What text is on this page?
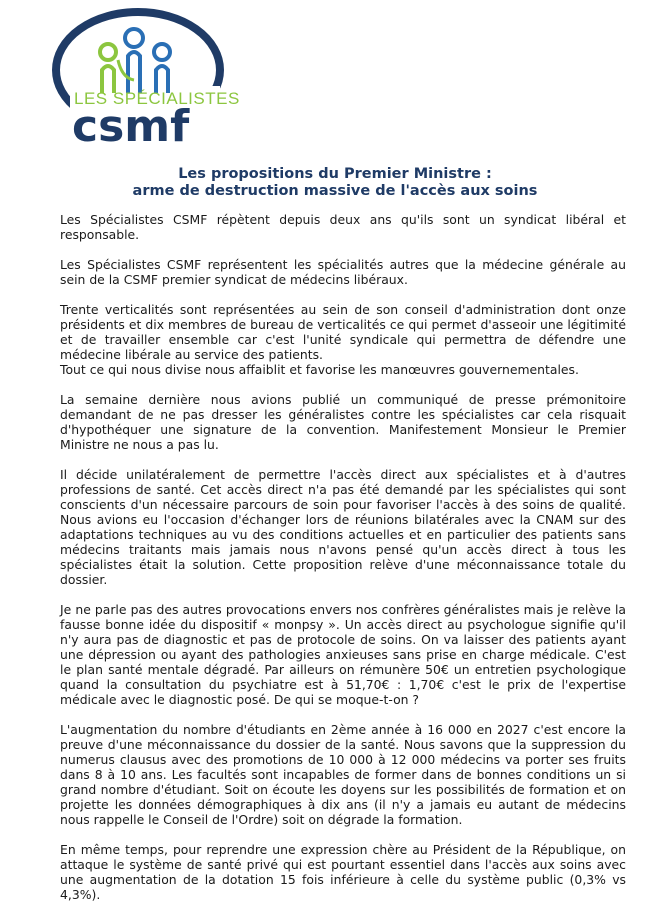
LES SPÉCIALISTES
csmf
Les propositions du Premier Ministre :
arme de destruction massive de l'accès aux soins

Les Spécialistes CSMF répètent depuis deux ans qu'ils sont un syndicat libéral et responsable.

Les Spécialistes CSMF représentent les spécialités autres que la médecine générale au sein de la CSMF premier syndicat de médecins libéraux.

Trente verticalités sont représentées au sein de son conseil d'administration dont onze présidents et dix membres de bureau de verticalités ce qui permet d'asseoir une légitimité et de travailler ensemble car c'est l'unité syndicale qui permettra de défendre une médecine libérale au service des patients.
Tout ce qui nous divise nous affaiblit et favorise les manœuvres gouvernementales.

La semaine dernière nous avions publié un communiqué de presse prémonitoire demandant de ne pas dresser les généralistes contre les spécialistes car cela risquait d'hypothéquer une signature de la convention. Manifestement Monsieur le Premier Ministre ne nous a pas lu.

Il décide unilatéralement de permettre l'accès direct aux spécialistes et à d'autres professions de santé. Cet accès direct n'a pas été demandé par les spécialistes qui sont conscients d'un nécessaire parcours de soin pour favoriser l'accès à des soins de qualité. Nous avions eu l'occasion d'échanger lors de réunions bilatérales avec la CNAM sur des adaptations techniques au vu des conditions actuelles et en particulier des patients sans médecins traitants mais jamais nous n'avons pensé qu'un accès direct à tous les spécialistes était la solution. Cette proposition relève d'une méconnaissance totale du dossier.

Je ne parle pas des autres provocations envers nos confrères généralistes mais je relève la fausse bonne idée du dispositif « monpsy ». Un accès direct au psychologue signifie qu'il n'y aura pas de diagnostic et pas de protocole de soins. On va laisser des patients ayant une dépression ou ayant des pathologies anxieuses sans prise en charge médicale. C'est le plan santé mentale dégradé. Par ailleurs on rémunère 50€ un entretien psychologique quand la consultation du psychiatre est à 51,70€ : 1,70€ c'est le prix de l'expertise médicale avec le diagnostic posé. De qui se moque-t-on ?

L'augmentation du nombre d'étudiants en 2ème année à 16 000 en 2027 c'est encore la preuve d'une méconnaissance du dossier de la santé. Nous savons que la suppression du numerus clausus avec des promotions de 10 000 à 12 000 médecins va porter ses fruits dans 8 à 10 ans. Les facultés sont incapables de former dans de bonnes conditions un si grand nombre d'étudiant. Soit on écoute les doyens sur les possibilités de formation et on projette les données démographiques à dix ans (il n'y a jamais eu autant de médecins nous rappelle le Conseil de l'Ordre) soit on dégrade la formation.

En même temps, pour reprendre une expression chère au Président de la République, on attaque le système de santé privé qui est pourtant essentiel dans l'accès aux soins avec une augmentation de la dotation 15 fois inférieure à celle du système public (0,3% vs 4,3%).
